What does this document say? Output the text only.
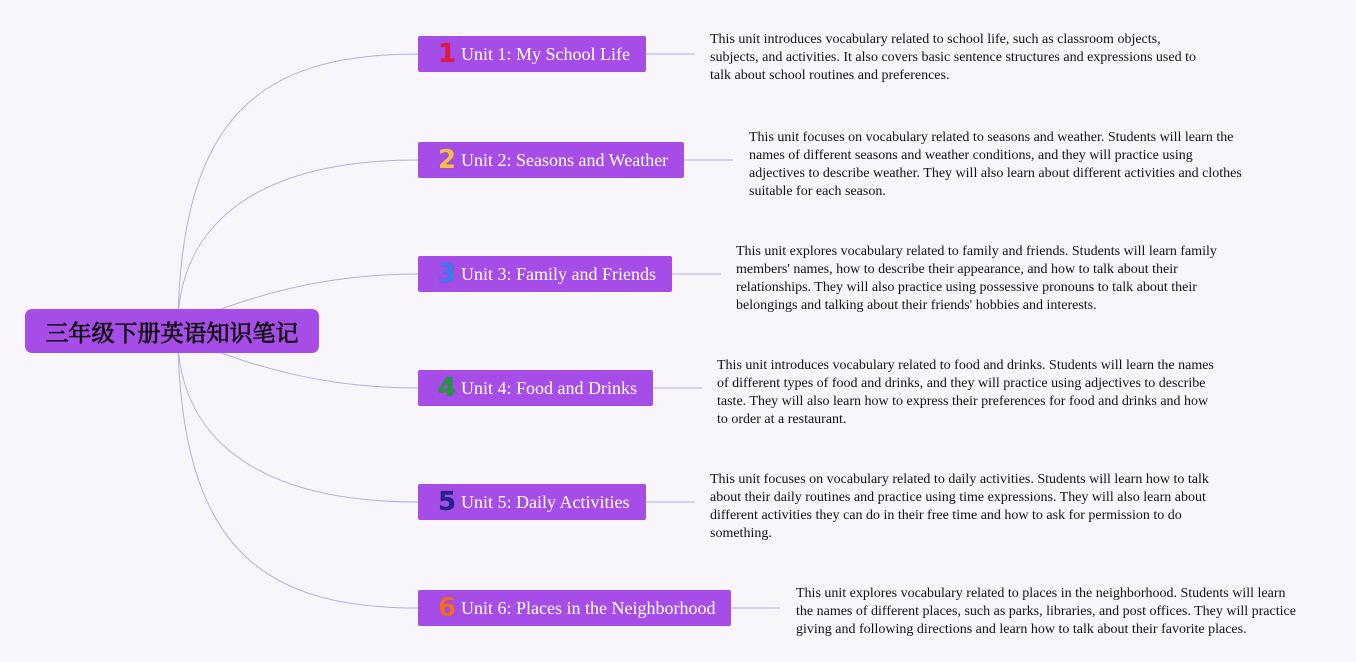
三年级下册英语知识笔记
1 Unit 1: My School Life
This unit introduces vocabulary related to school life, such as classroom objects, subjects, and activities. It also covers basic sentence structures and expressions used to talk about school routines and preferences.
2 Unit 2: Seasons and Weather
This unit focuses on vocabulary related to seasons and weather. Students will learn the names of different seasons and weather conditions, and they will practice using adjectives to describe weather. They will also learn about different activities and clothes suitable for each season.
3 Unit 3: Family and Friends
This unit explores vocabulary related to family and friends. Students will learn family members' names, how to describe their appearance, and how to talk about their relationships. They will also practice using possessive pronouns to talk about their belongings and talking about their friends' hobbies and interests.
4 Unit 4: Food and Drinks
This unit introduces vocabulary related to food and drinks. Students will learn the names of different types of food and drinks, and they will practice using adjectives to describe taste. They will also learn how to express their preferences for food and drinks and how to order at a restaurant.
5 Unit 5: Daily Activities
This unit focuses on vocabulary related to daily activities. Students will learn how to talk about their daily routines and practice using time expressions. They will also learn about different activities they can do in their free time and how to ask for permission to do something.
6 Unit 6: Places in the Neighborhood
This unit explores vocabulary related to places in the neighborhood. Students will learn the names of different places, such as parks, libraries, and post offices. They will practice giving and following directions and learn how to talk about their favorite places.
